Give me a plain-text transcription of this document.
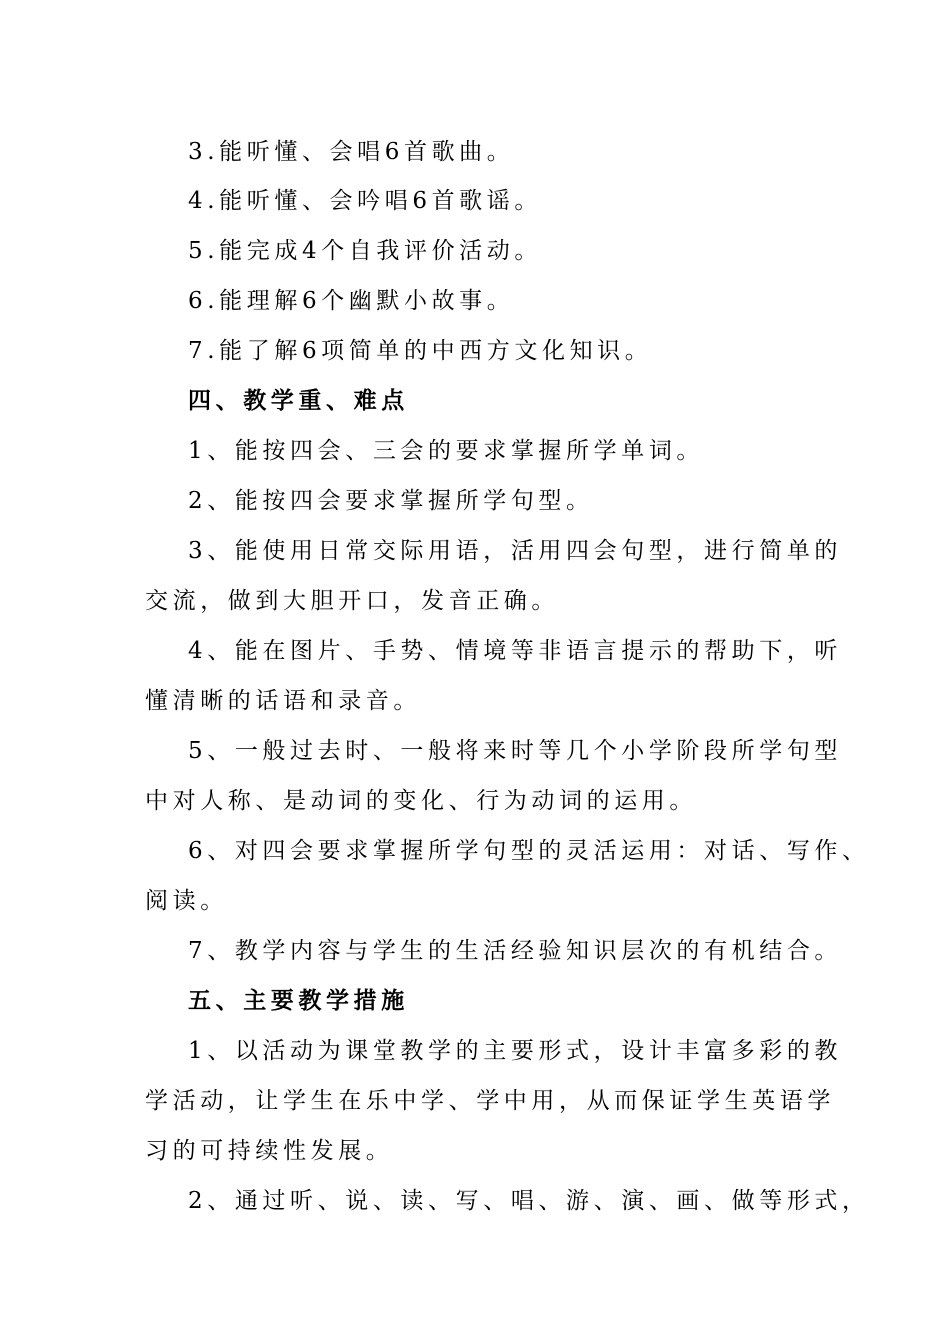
3.能听懂、会唱6首歌曲。
4.能听懂、会吟唱6首歌谣。
5.能完成4个自我评价活动。
6.能理解6个幽默小故事。
7.能了解6项简单的中西方文化知识。
四、教学重、难点
1、能按四会、三会的要求掌握所学单词。
2、能按四会要求掌握所学句型。
3、能使用日常交际用语，活用四会句型，进行简单的
交流，做到大胆开口，发音正确。
4、能在图片、手势、情境等非语言提示的帮助下，听
懂清晰的话语和录音。
5、一般过去时、一般将来时等几个小学阶段所学句型
中对人称、是动词的变化、行为动词的运用。
6、对四会要求掌握所学句型的灵活运用：对话、写作、
阅读。
7、教学内容与学生的生活经验知识层次的有机结合。
五、主要教学措施
1、以活动为课堂教学的主要形式，设计丰富多彩的教
学活动，让学生在乐中学、学中用，从而保证学生英语学
习的可持续性发展。
2、通过听、说、读、写、唱、游、演、画、做等形式，
